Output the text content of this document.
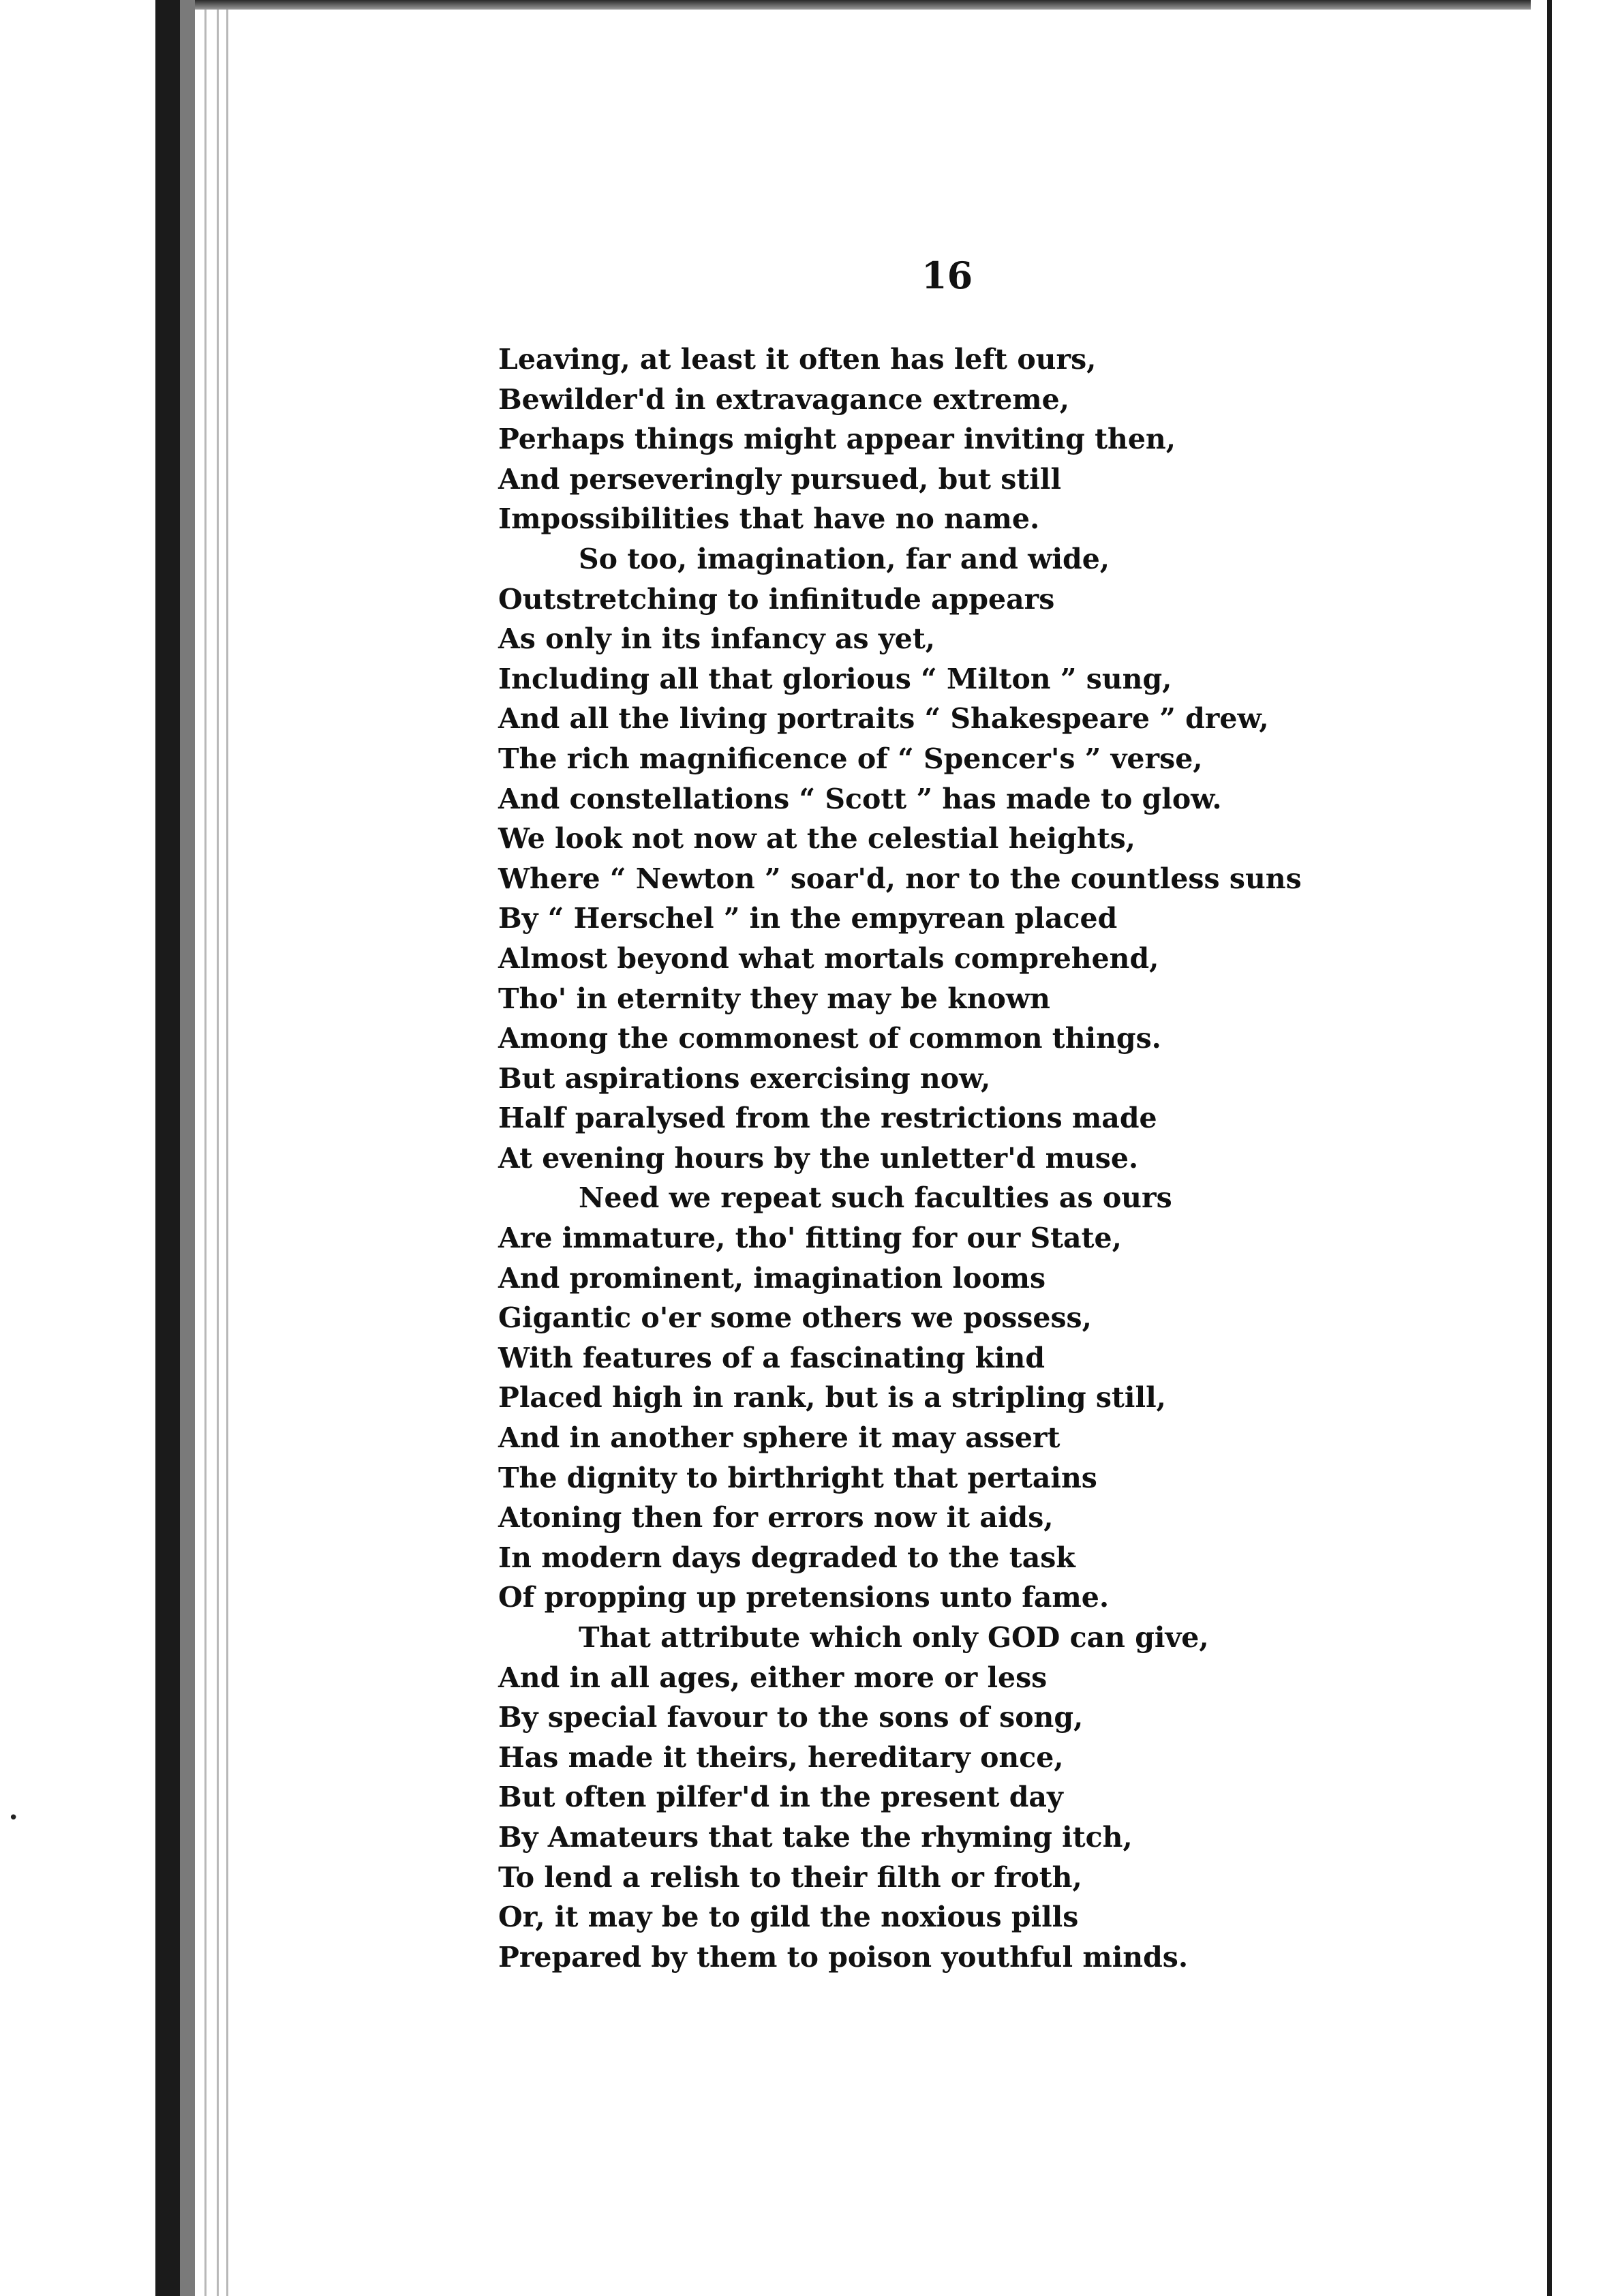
•
16
Leaving, at least it often has left ours,
Bewilder'd in extravagance extreme,
Perhaps things might appear inviting then,
And perseveringly pursued, but still
Impossibilities that have no name.
So too, imagination, far and wide,
Outstretching to infinitude appears
As only in its infancy as yet,
Including all that glorious “ Milton ” sung,
And all the living portraits “ Shakespeare ” drew,
The rich magnificence of “ Spencer's ” verse,
And constellations “ Scott ” has made to glow.
We look not now at the celestial heights,
Where “ Newton ” soar'd, nor to the countless suns
By “ Herschel ” in the empyrean placed
Almost beyond what mortals comprehend,
Tho' in eternity they may be known
Among the commonest of common things.
But aspirations exercising now,
Half paralysed from the restrictions made
At evening hours by the unletter'd muse.
Need we repeat such faculties as ours
Are immature, tho' fitting for our State,
And prominent, imagination looms
Gigantic o'er some others we possess,
With features of a fascinating kind
Placed high in rank, but is a stripling still,
And in another sphere it may assert
The dignity to birthright that pertains
Atoning then for errors now it aids,
In modern days degraded to the task
Of propping up pretensions unto fame.
That attribute which only GOD can give,
And in all ages, either more or less
By special favour to the sons of song,
Has made it theirs, hereditary once,
But often pilfer'd in the present day
By Amateurs that take the rhyming itch,
To lend a relish to their filth or froth,
Or, it may be to gild the noxious pills
Prepared by them to poison youthful minds.
